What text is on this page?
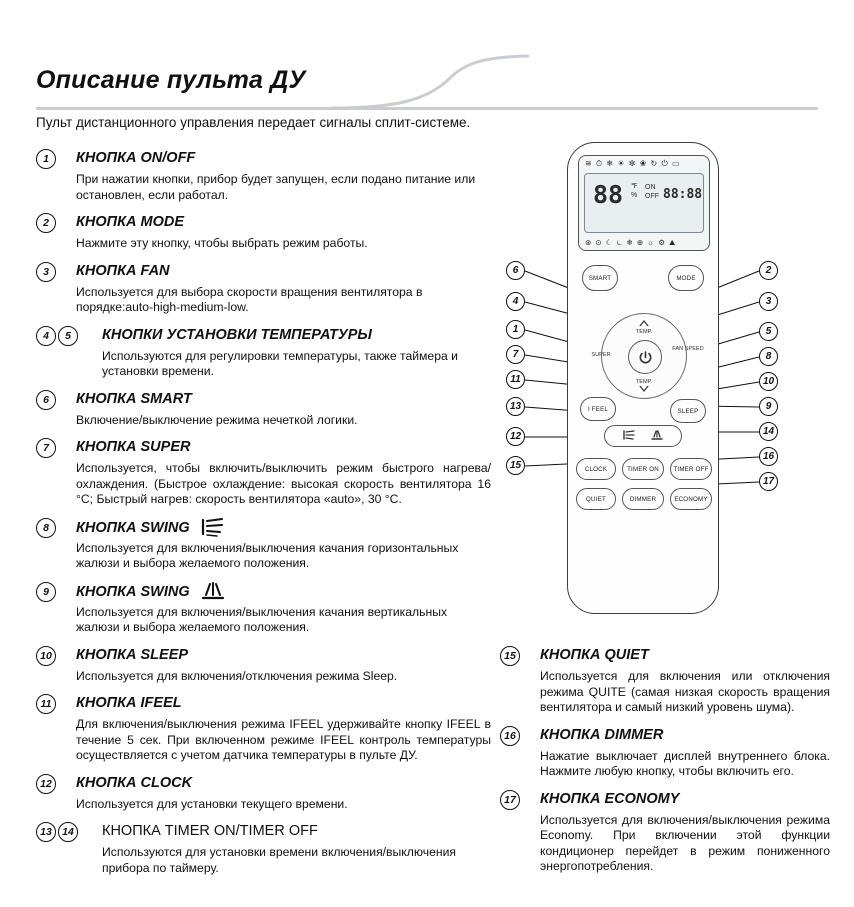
Описание пульта ДУ
Пульт дистанционного управления передает сигналы сплит-системе.
1	КНОПКА ON/OFF
При нажатии кнопки, прибор будет запущен, если подано питание или остановлен, если работал.
2	КНОПКА MODE
Нажмите эту кнопку, чтобы выбрать режим работы.
3	КНОПКА FAN
Используется для выбора скорости вращения вентилятора в порядке:auto-high-medium-low.
4	5	КНОПКИ УСТАНОВКИ ТЕМПЕРАТУРЫ
Используются для регулировки температуры, также таймера и установки времени.
6	КНОПКА SMART
Включение/выключение режима нечеткой логики.
7	КНОПКА SUPER
Используется, чтобы включить/выключить режим быстрого нагрева/охлаждения. (Быстрое охлаждение: высокая скорость вентилятора 16 °C; Быстрый нагрев: скорость вентилятора «auto», 30 °C.
8	КНОПКА SWING
Используется для включения/выключения качания горизонтальных жалюзи и выбора желаемого положения.
9	КНОПКА SWING
Используется для включения/выключения качания вертикальных жалюзи и выбора желаемого положения.
10 КНОПКА SLEEP
Используется для включения/отключения режима Sleep.
11	КНОПКА IFEEL
Для включения/выключения режима IFEEL удерживайте кнопку IFEEL в течение 5 сек. При включенном режиме IFEEL контроль температуры осуществляется с учетом датчика температуры в пульте ДУ.
12 КНОПКА CLOCK
Используется для установки текущего времени.
13 14 КНОПКА TIMER ON/TIMER OFF
Используются для установки времени включения/выключения прибора по таймеру.
15 КНОПКА QUIET
Используется для включения или отключения режима QUITE (самая низкая скорость вращения вентилятора и самый низкий уровень шума).
16 КНОПКА DIMMER
Нажатие выключает дисплей внутреннего блока. Нажмите любую кнопку, чтобы включить его.
17 КНОПКА ECONOMY
Используется для включения/выключения режима Economy. При включении этой функции кондиционер перейдет в режим пониженного энергопотребления.
≋ ⏱ ❄ ☀ ✼ ❀ ↻ ⏻ ▭
88 ℉
%
ON
OFF 88:88
⊛ ⊙ ☾ ⏾ ❄ ⊕ ☼ ⚙ ⛰
SMART	MODE
TEMP.
TEMP.
SUPER
FAN SPEED
I FEEL	SLEEP
CLOCK	TIMER ON TIMER OFF
QUIET	DIMMER	ECONOMY
6
4
1
7
11
13
12
15
2
3
5
8
10
9
14
16
17
